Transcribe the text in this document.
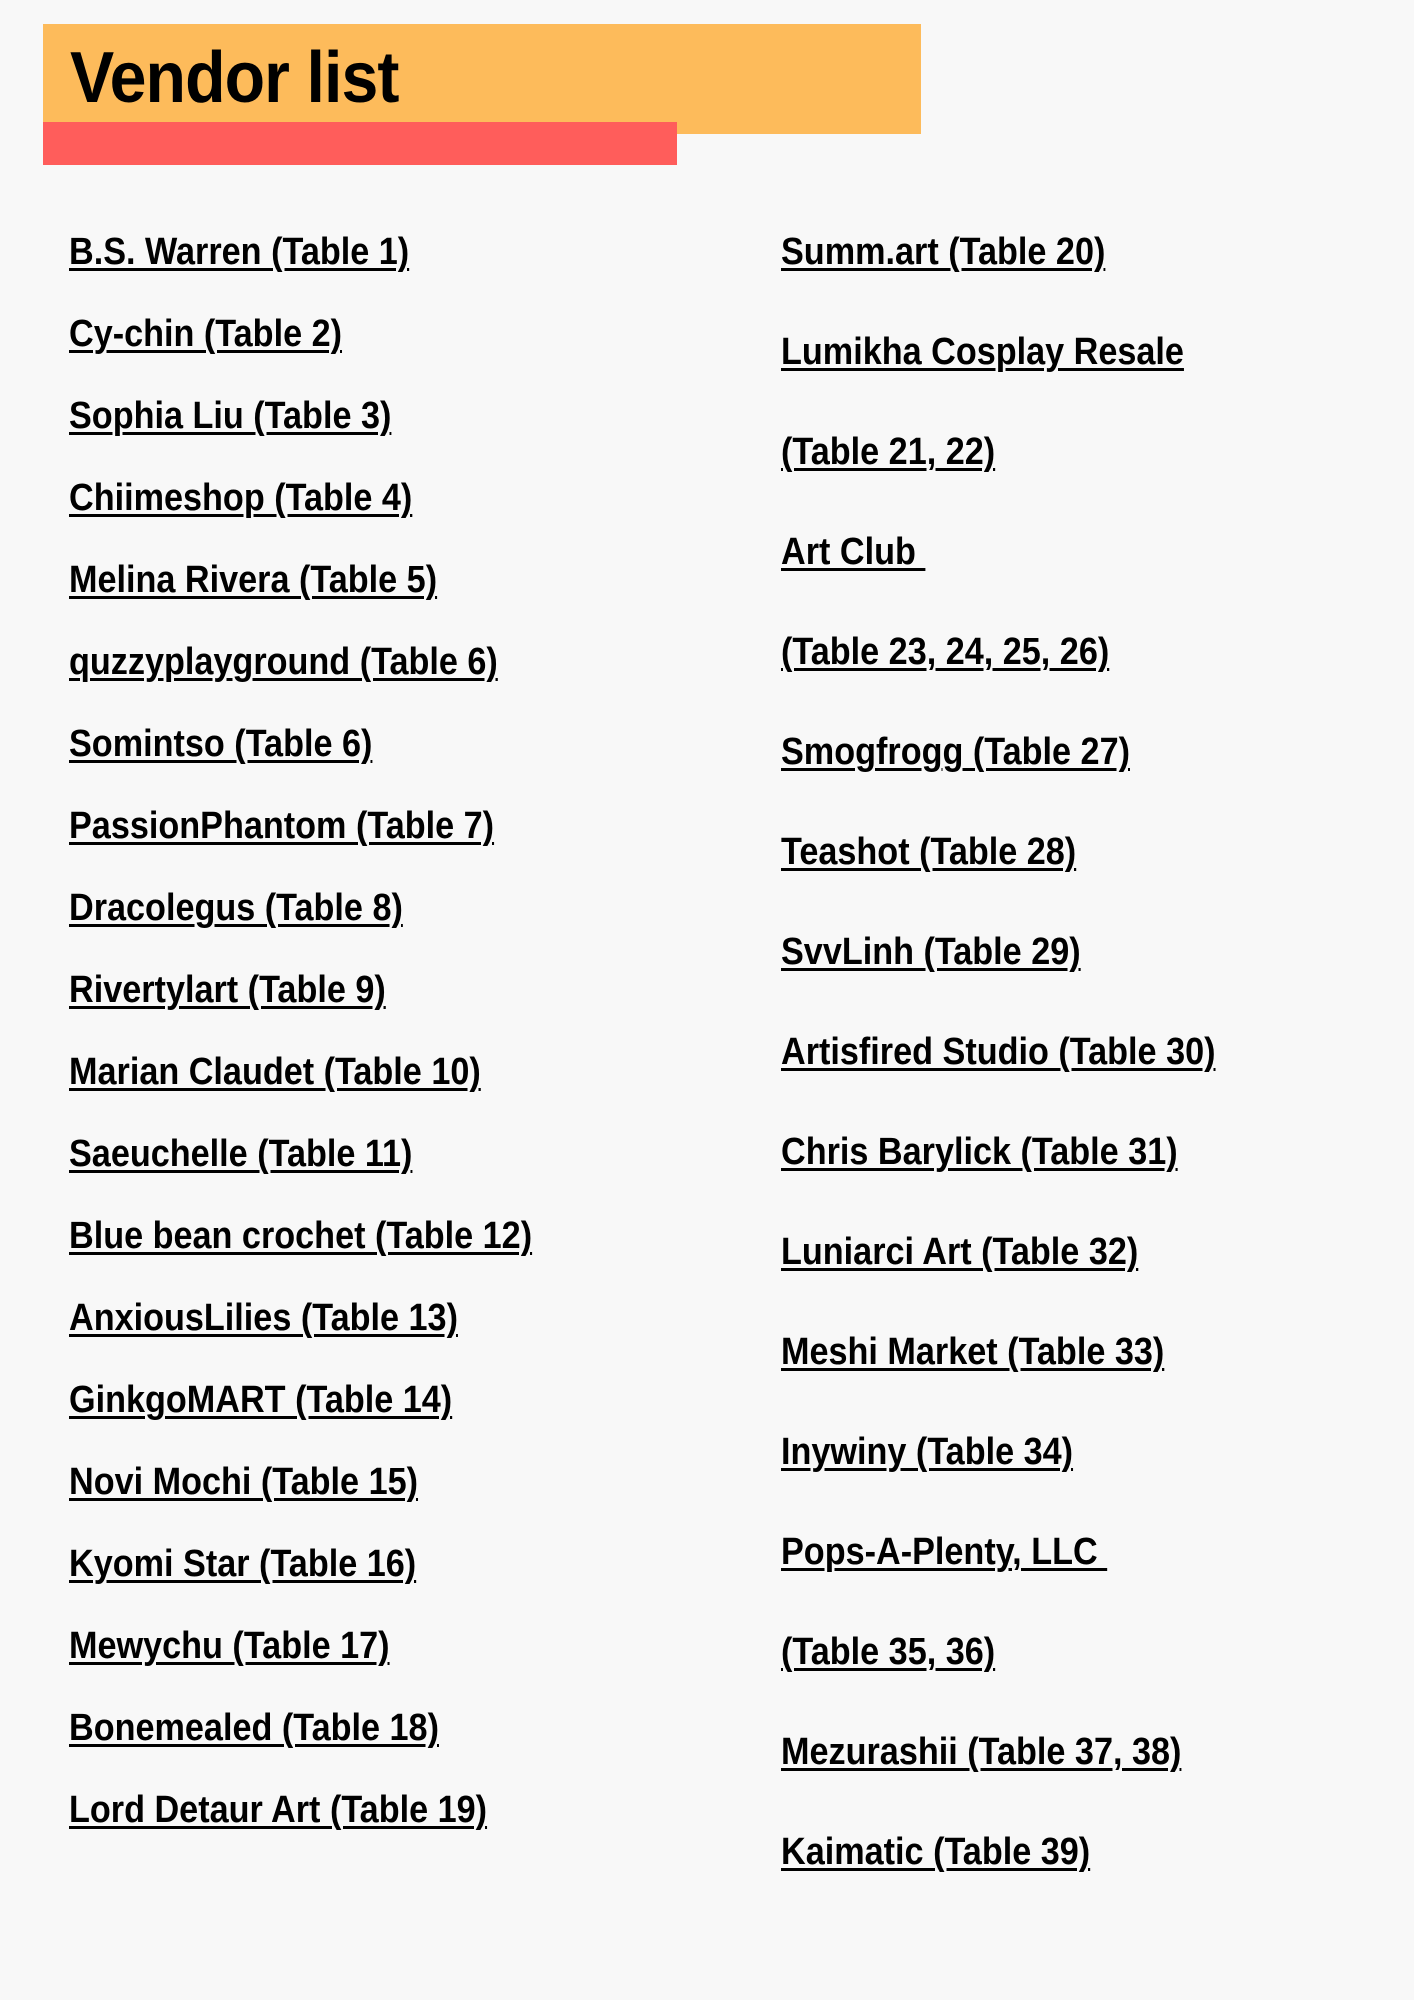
Vendor list
B.S. Warren (Table 1)
Cy-chin (Table 2)
Sophia Liu (Table 3)
Chiimeshop (Table 4)
Melina Rivera (Table 5)
quzzyplayground (Table 6)
Somintso (Table 6)
PassionPhantom (Table 7)
Dracolegus (Table 8)
Rivertylart (Table 9)
Marian Claudet (Table 10)
Saeuchelle (Table 11)
Blue bean crochet (Table 12)
AnxiousLilies (Table 13)
GinkgoMART (Table 14)
Novi Mochi (Table 15)
Kyomi Star (Table 16)
Mewychu (Table 17)
Bonemealed (Table 18)
Lord Detaur Art (Table 19)
Summ.art (Table 20)
Lumikha Cosplay Resale
(Table 21, 22)
Art Club
(Table 23, 24, 25, 26)
Smogfrogg (Table 27)
Teashot (Table 28)
SvvLinh (Table 29)
Artisfired Studio (Table 30)
Chris Barylick (Table 31)
Luniarci Art (Table 32)
Meshi Market (Table 33)
Inywiny (Table 34)
Pops-A-Plenty, LLC
(Table 35, 36)
Mezurashii (Table 37, 38)
Kaimatic (Table 39)
